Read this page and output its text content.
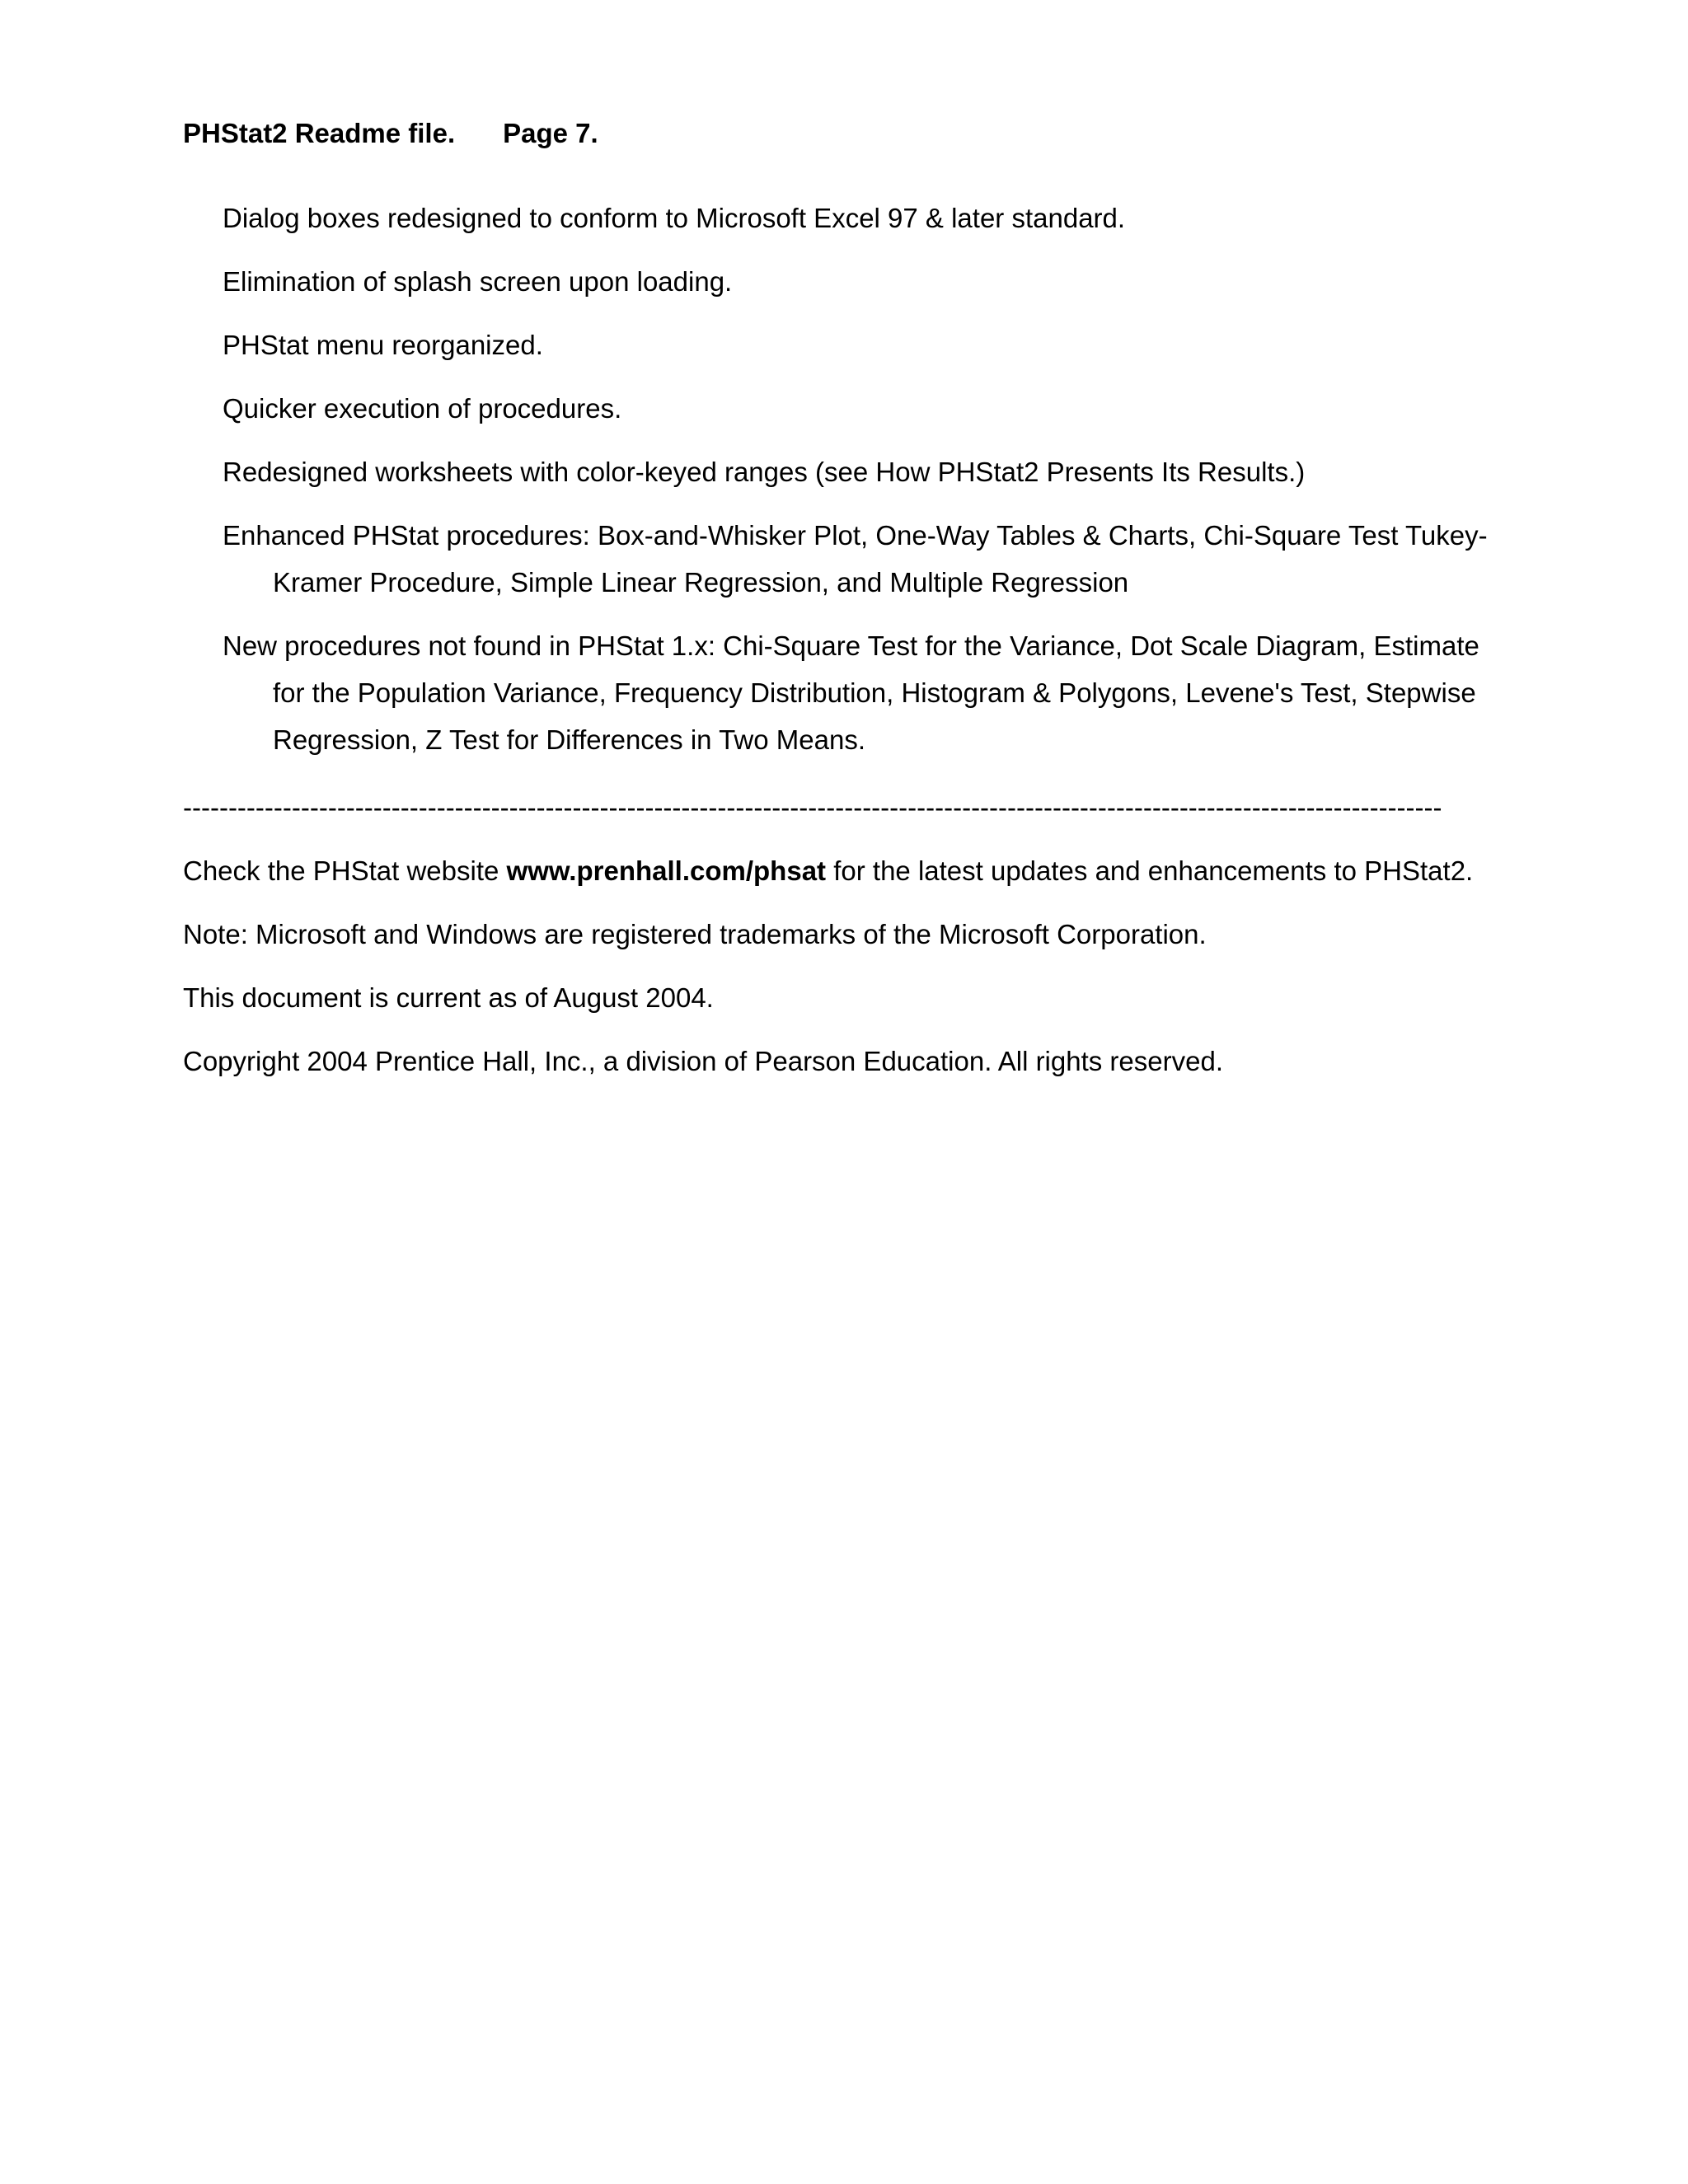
PHStat2 Readme file. Page 7.

Dialog boxes redesigned to conform to Microsoft Excel 97 & later standard.

Elimination of splash screen upon loading.

PHStat menu reorganized.

Quicker execution of procedures.

Redesigned worksheets with color-keyed ranges (see How PHStat2 Presents Its Results.)

Enhanced PHStat procedures: Box-and-Whisker Plot, One-Way Tables & Charts, Chi-Square Test Tukey-Kramer Procedure, Simple Linear Regression, and Multiple Regression

New procedures not found in PHStat 1.x: Chi-Square Test for the Variance, Dot Scale Diagram, Estimate for the Population Variance, Frequency Distribution, Histogram & Polygons, Levene's Test, Stepwise Regression, Z Test for Differences in Two Means.

-------------------------------------------------------------------------------------------------------------------------------------------

Check the PHStat website www.prenhall.com/phsat for the latest updates and enhancements to PHStat2.

Note: Microsoft and Windows are registered trademarks of the Microsoft Corporation.

This document is current as of August 2004.

Copyright 2004 Prentice Hall, Inc., a division of Pearson Education. All rights reserved.
